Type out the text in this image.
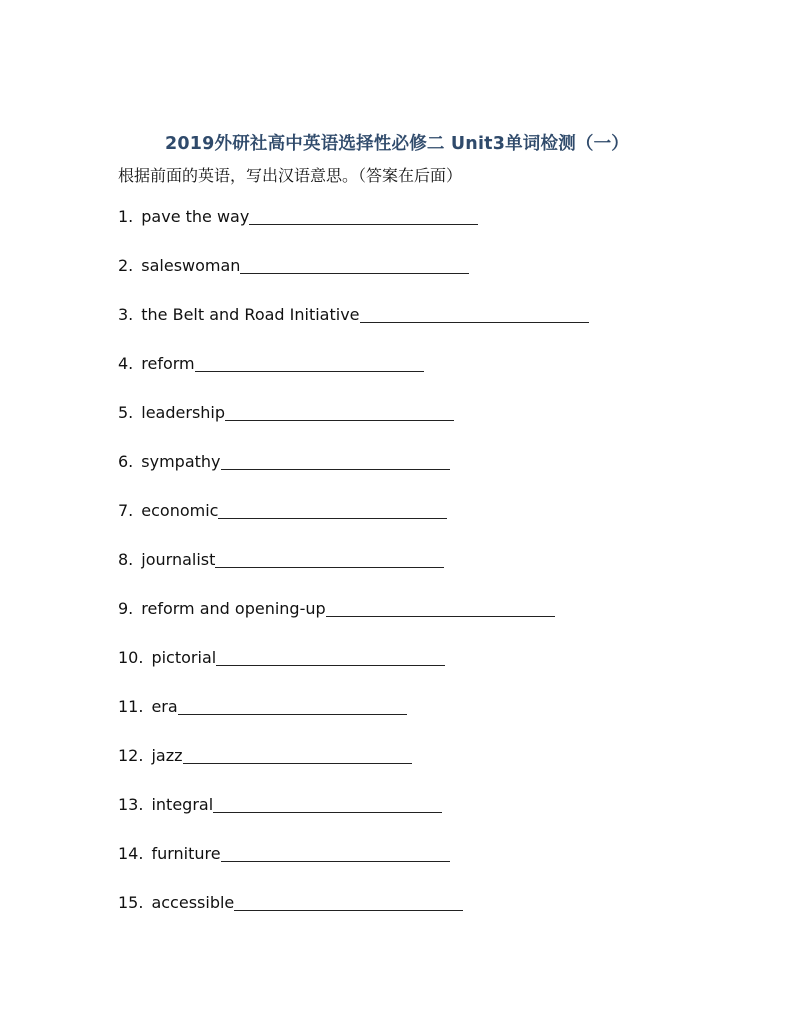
2019外研社高中英语选择性必修二 Unit3单词检测（一）
根据前面的英语，写出汉语意思。（答案在后面）
1. pave the way
2. saleswoman
3. the Belt and Road Initiative
4. reform
5. leadership
6. sympathy
7. economic
8. journalist
9. reform and opening-up
10. pictorial
11. era
12. jazz
13. integral
14. furniture
15. accessible
